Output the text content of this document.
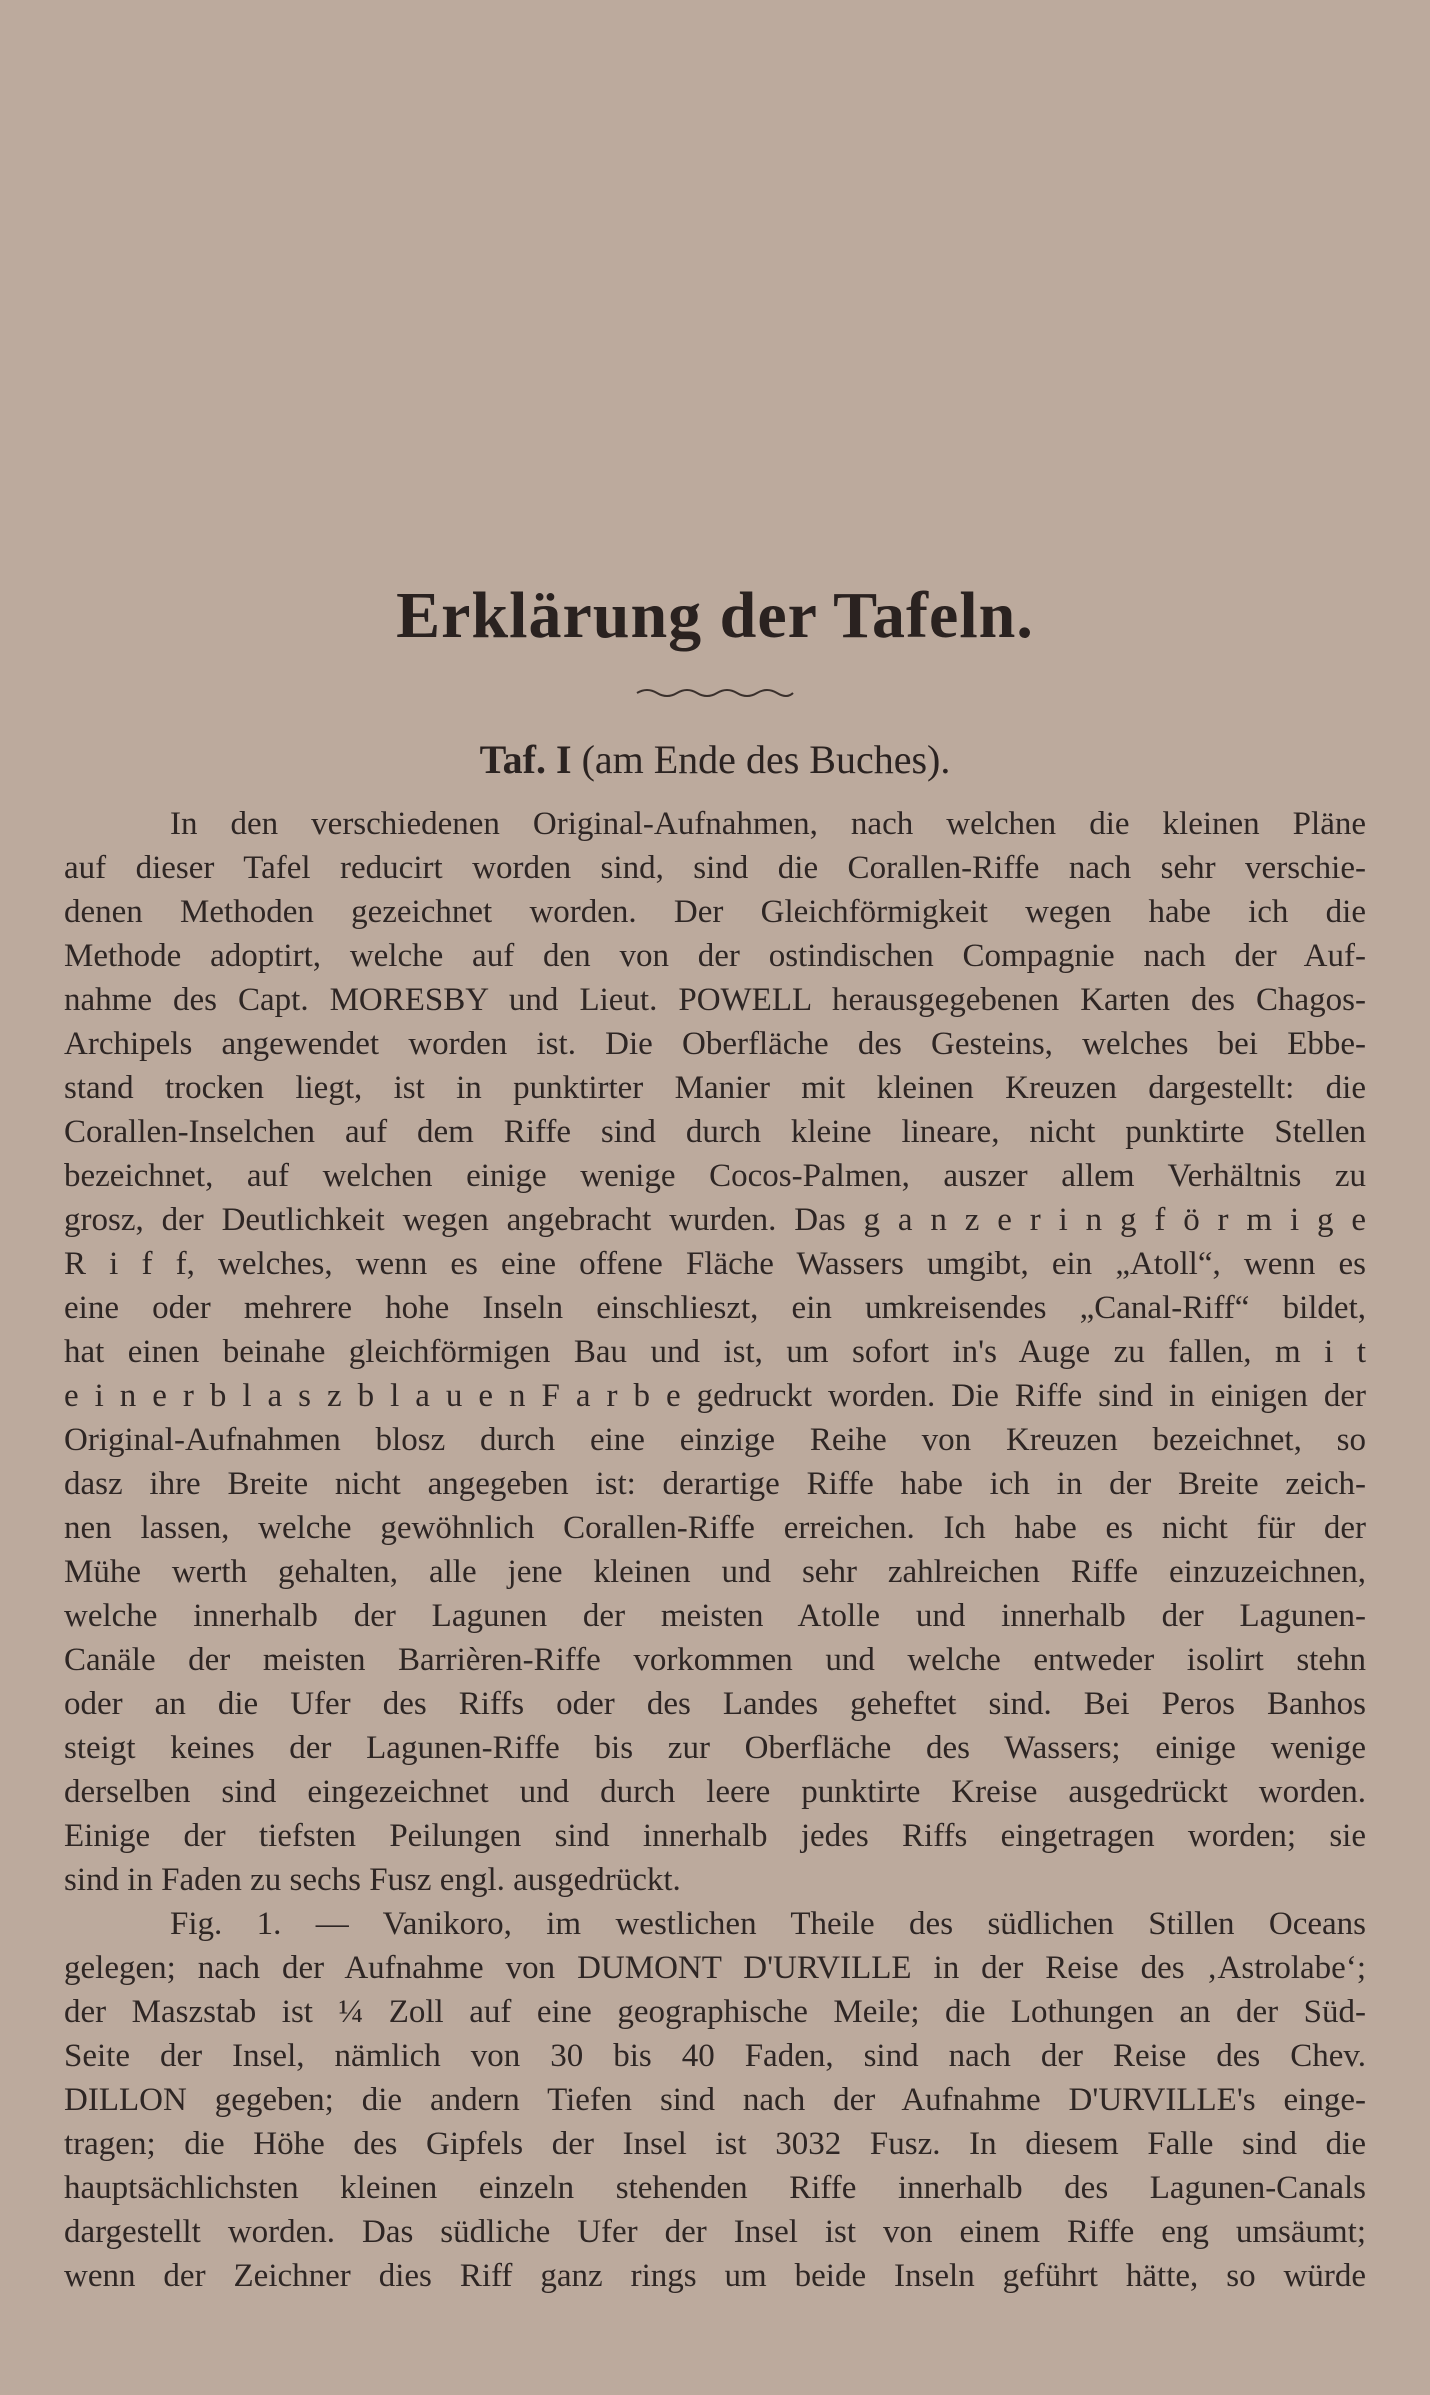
Erklärung der Tafeln.
Taf. I (am Ende des Buches).
In den verschiedenen Original-Aufnahmen, nach welchen die kleinen Pläne
auf dieser Tafel reducirt worden sind, sind die Corallen-Riffe nach sehr verschie-
denen Methoden gezeichnet worden. Der Gleichförmigkeit wegen habe ich die
Methode adoptirt, welche auf den von der ostindischen Compagnie nach der Auf-
nahme des Capt. MORESBY und Lieut. POWELL herausgegebenen Karten des Chagos-
Archipels angewendet worden ist. Die Oberfläche des Gesteins, welches bei Ebbe-
stand trocken liegt, ist in punktirter Manier mit kleinen Kreuzen dargestellt: die
Corallen-Inselchen auf dem Riffe sind durch kleine lineare, nicht punktirte Stellen
bezeichnet, auf welchen einige wenige Cocos-Palmen, auszer allem Verhältnis zu
grosz, der Deutlichkeit wegen angebracht wurden. Das g a n z e r i n g f ö r m i g e
R i f f, welches, wenn es eine offene Fläche Wassers umgibt, ein „Atoll“, wenn es
eine oder mehrere hohe Inseln einschlieszt, ein umkreisendes „Canal-Riff“ bildet,
hat einen beinahe gleichförmigen Bau und ist, um sofort in's Auge zu fallen, m i t
e i n e r b l a s z b l a u e n F a r b e gedruckt worden. Die Riffe sind in einigen der
Original-Aufnahmen blosz durch eine einzige Reihe von Kreuzen bezeichnet, so
dasz ihre Breite nicht angegeben ist: derartige Riffe habe ich in der Breite zeich-
nen lassen, welche gewöhnlich Corallen-Riffe erreichen. Ich habe es nicht für der
Mühe werth gehalten, alle jene kleinen und sehr zahlreichen Riffe einzuzeichnen,
welche innerhalb der Lagunen der meisten Atolle und innerhalb der Lagunen-
Canäle der meisten Barrièren-Riffe vorkommen und welche entweder isolirt stehn
oder an die Ufer des Riffs oder des Landes geheftet sind. Bei Peros Banhos
steigt keines der Lagunen-Riffe bis zur Oberfläche des Wassers; einige wenige
derselben sind eingezeichnet und durch leere punktirte Kreise ausgedrückt worden.
Einige der tiefsten Peilungen sind innerhalb jedes Riffs eingetragen worden; sie
sind in Faden zu sechs Fusz engl. ausgedrückt.
Fig. 1. — Vanikoro, im westlichen Theile des südlichen Stillen Oceans
gelegen; nach der Aufnahme von DUMONT D'URVILLE in der Reise des ‚Astrolabe‘;
der Maszstab ist ¼ Zoll auf eine geographische Meile; die Lothungen an der Süd-
Seite der Insel, nämlich von 30 bis 40 Faden, sind nach der Reise des Chev.
DILLON gegeben; die andern Tiefen sind nach der Aufnahme D'URVILLE's einge-
tragen; die Höhe des Gipfels der Insel ist 3032 Fusz. In diesem Falle sind die
hauptsächlichsten kleinen einzeln stehenden Riffe innerhalb des Lagunen-Canals
dargestellt worden. Das südliche Ufer der Insel ist von einem Riffe eng umsäumt;
wenn der Zeichner dies Riff ganz rings um beide Inseln geführt hätte, so würde
